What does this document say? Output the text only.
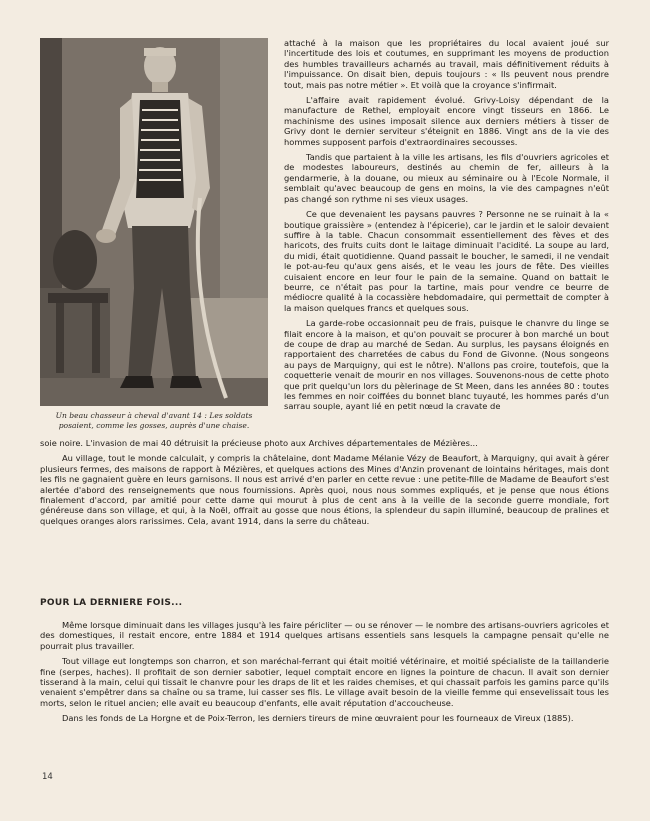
Un beau chasseur à cheval d'avant 14 : Les soldats posaient, comme les gosses, auprès d'une chaise.

attaché à la maison que les propriétaires du local avaient joué sur l'incertitude des lois et coutumes, en supprimant les moyens de production des humbles travailleurs acharnés au travail, mais définitivement réduits à l'impuissance. On disait bien, depuis toujours : « Ils peuvent nous prendre tout, mais pas notre métier ». Et voilà que la croyance s'infirmait.

L'affaire avait rapidement évolué. Grivy-Loisy dépendant de la manufacture de Rethel, employait encore vingt tisseurs en 1866. Le machinisme des usines imposait silence aux derniers métiers à tisser de Grivy dont le dernier serviteur s'éteignit en 1886. Vingt ans de la vie des hommes supposent parfois d'extraordinaires secousses.

Tandis que partaient à la ville les artisans, les fils d'ouvriers agricoles et de modestes laboureurs, destinés au chemin de fer, ailleurs à la gendarmerie, à la douane, ou mieux au séminaire ou à l'Ecole Normale, il semblait qu'avec beaucoup de gens en moins, la vie des campagnes n'eût pas changé son rythme ni ses vieux usages.

Ce que devenaient les paysans pauvres ? Personne ne se ruinait à la « boutique graissière » (entendez à l'épicerie), car le jardin et le saloir devaient suffire à la table. Chacun consommait essentiellement des fèves et des haricots, des fruits cuits dont le laitage diminuait l'acidité. La soupe au lard, du midi, était quotidienne. Quand passait le boucher, le samedi, il ne vendait le pot-au-feu qu'aux gens aisés, et le veau les jours de fête. Des vieilles cuisaient encore en leur four le pain de la semaine. Quand on battait le beurre, ce n'était pas pour la tartine, mais pour vendre ce beurre de médiocre qualité à la cocassière hebdomadaire, qui permettait de compter à la maison quelques francs et quelques sous.

La garde-robe occasionnait peu de frais, puisque le chanvre du linge se filait encore à la maison, et qu'on pouvait se procurer à bon marché un bout de coupe de drap au marché de Sedan. Au surplus, les paysans éloignés en rapportaient des charretées de cabus du Fond de Givonne. (Nous songeons au pays de Marquigny, qui est le nôtre). N'allons pas croire, toutefois, que la coquetterie venait de mourir en nos villages. Souvenons-nous de cette photo que prit quelqu'un lors du pèlerinage de St Meen, dans les années 80 : toutes les femmes en noir coiffées du bonnet blanc tuyauté, les hommes parés d'un sarrau souple, ayant lié en petit nœud la cravate de

soie noire. L'invasion de mai 40 détruisit la précieuse photo aux Archives départementales de Mézières...

Au village, tout le monde calculait, y compris la châtelaine, dont Madame Mélanie Vézy de Beaufort, à Marquigny, qui avait à gérer plusieurs fermes, des maisons de rapport à Mézières, et quelques actions des Mines d'Anzin provenant de lointains héritages, mais dont les fils ne gagnaient guère en leurs garnisons. Il nous est arrivé d'en parler en cette revue : une petite-fille de Madame de Beaufort s'est alertée d'abord des renseignements que nous fournissions. Après quoi, nous nous sommes expliqués, et je pense que nous étions finalement d'accord, par amitié pour cette dame qui mourut à plus de cent ans à la veille de la seconde guerre mondiale, fort généreuse dans son village, et qui, à la Noël, offrait au gosse que nous étions, la splendeur du sapin illuminé, beaucoup de pralines et quelques oranges alors rarissimes. Cela, avant 1914, dans la serre du château.

POUR LA DERNIERE FOIS...

Même lorsque diminuait dans les villages jusqu'à les faire péricliter — ou se rénover — le nombre des artisans-ouvriers agricoles et des domestiques, il restait encore, entre 1884 et 1914 quelques artisans essentiels sans lesquels la campagne pensait qu'elle ne pourrait plus travailler.

Tout village eut longtemps son charron, et son maréchal-ferrant qui était moitié vétérinaire, et moitié spécialiste de la taillanderie fine (serpes, haches). Il profitait de son dernier sabotier, lequel comptait encore en lignes la pointure de chacun. Il avait son dernier tisserand à la main, celui qui tissait le chanvre pour les draps de lit et les raides chemises, et qui chassait parfois les gamins parce qu'ils venaient s'empêtrer dans sa chaîne ou sa trame, lui casser ses fils. Le village avait besoin de la vieille femme qui ensevelissait tous les morts, selon le rituel ancien; elle avait eu beaucoup d'enfants, elle avait réputation d'accoucheuse.

Dans les fonds de La Horgne et de Poix-Terron, les derniers tireurs de mine œuvraient pour les fourneaux de Vireux (1885).

14
